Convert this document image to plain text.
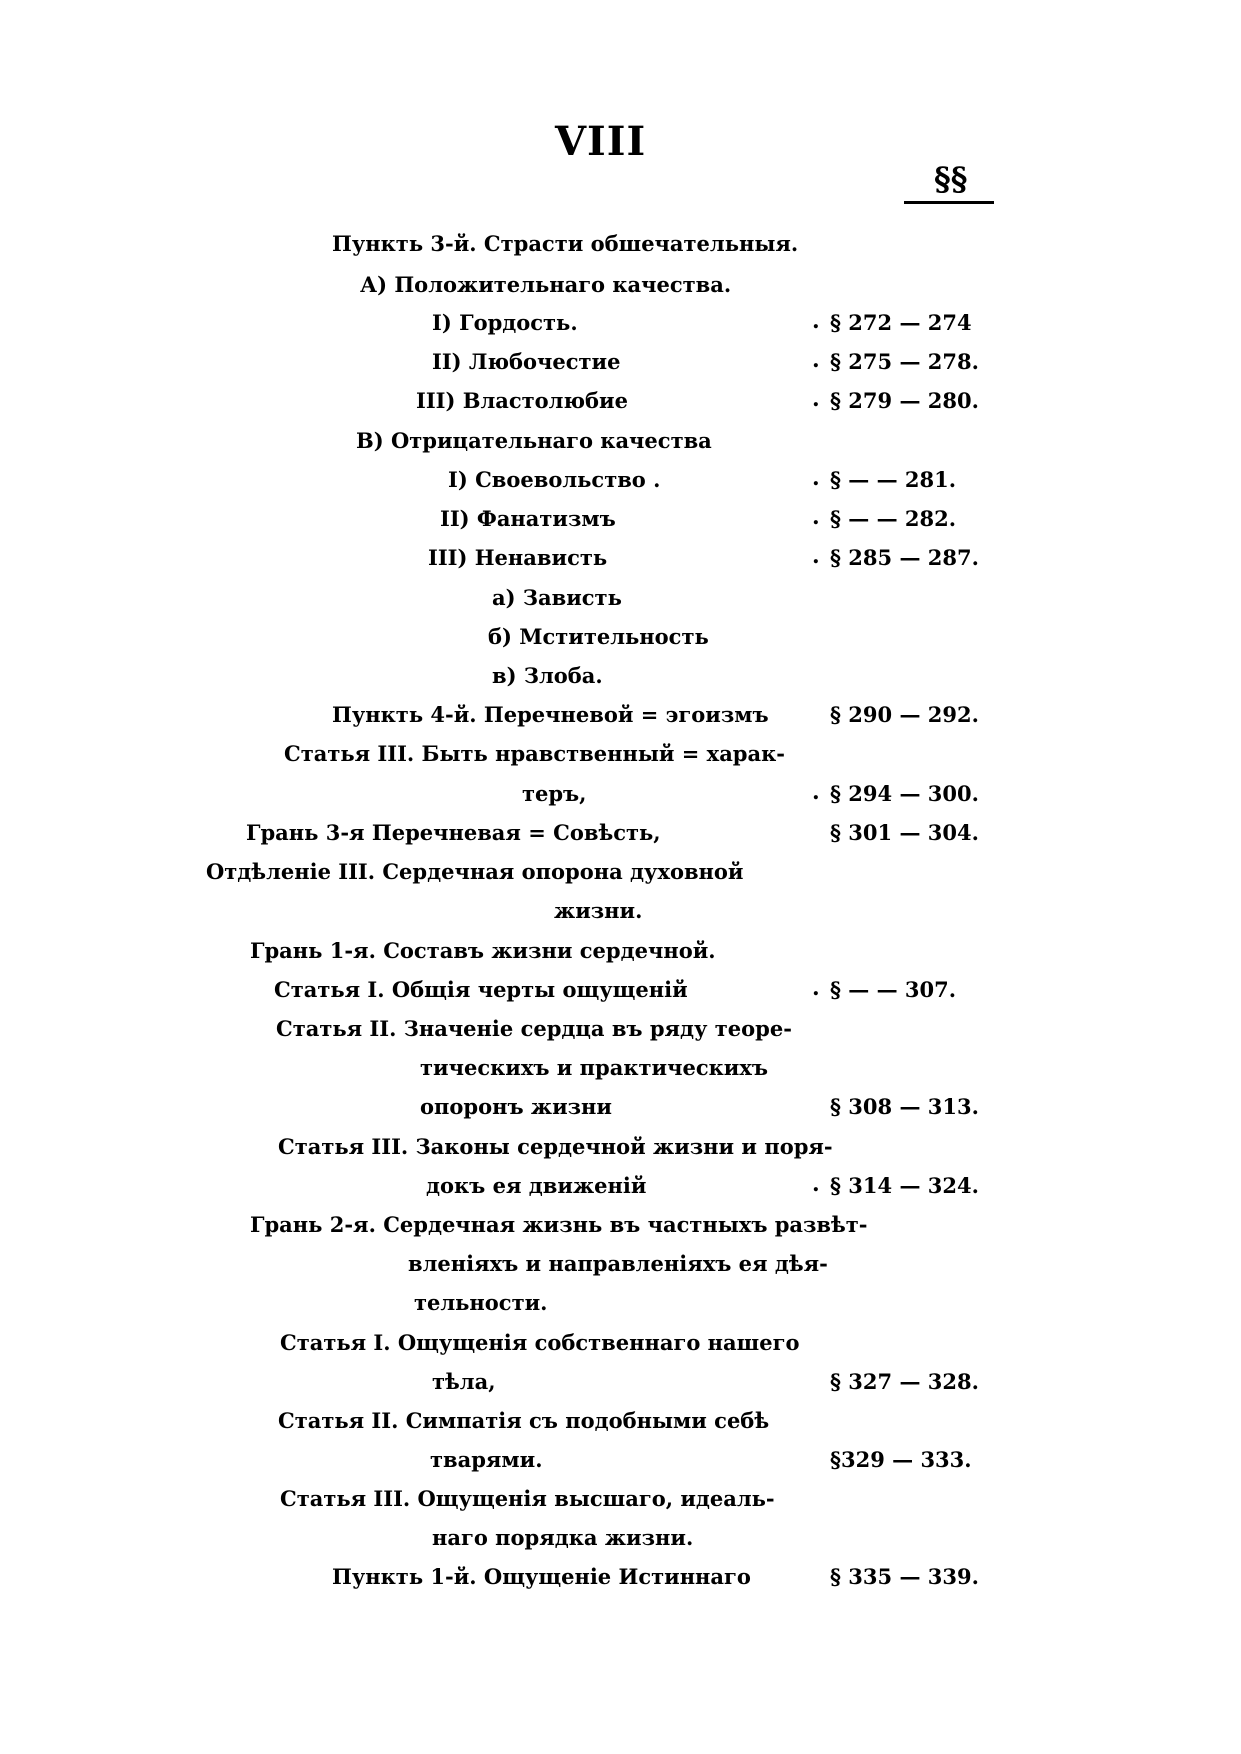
VIII
§§
Пункть 3-й. Страсти обшечательныя.
А) Положительнаго качества.
I) Гордость.	. § 272 — 274
II) Любочестие	. § 275 — 278.
III) Властолюбие	. § 279 — 280.
В) Отрицательнаго качества
I) Своевольство .	. § — — 281.
II) Фанатизмъ	. § — — 282.
III) Ненависть	. § 285 — 287.
а) Зависть
б) Мстительность
в) Злоба.
Пункть 4-й. Перечневой = эгоизмъ	§ 290 — 292.
Статья III. Быть нравственный = харак-
теръ,	. § 294 — 300.
Грань 3-я Перечневая = Совѣсть,	§ 301 — 304.
Отдѣленiе III. Сердечная опорона духовной
жизни.
Грань 1-я. Составъ жизни сердечной.
Статья I. Общiя черты ощущенiй	. § — — 307.
Статья II. Значенiе сердца въ ряду теоре-
тическихъ и практическихъ
опоронъ жизни	§ 308 — 313.
Статья III. Законы сердечной жизни и поря-
докъ ея движенiй	. § 314 — 324.
Грань 2-я. Сердечная жизнь въ частныхъ развѣт-
вленiяхъ и направленiяхъ ея дѣя-
тельности.
Статья I. Ощущенiя собственнаго нашего
тѣла,	§ 327 — 328.
Статья II. Симпатiя съ подобными себѣ
тварями.	§329 — 333.
Статья III. Ощущенiя высшаго, идеаль-
наго порядка жизни.
Пункть 1-й. Ощущенiе Истиннаго	§ 335 — 339.
